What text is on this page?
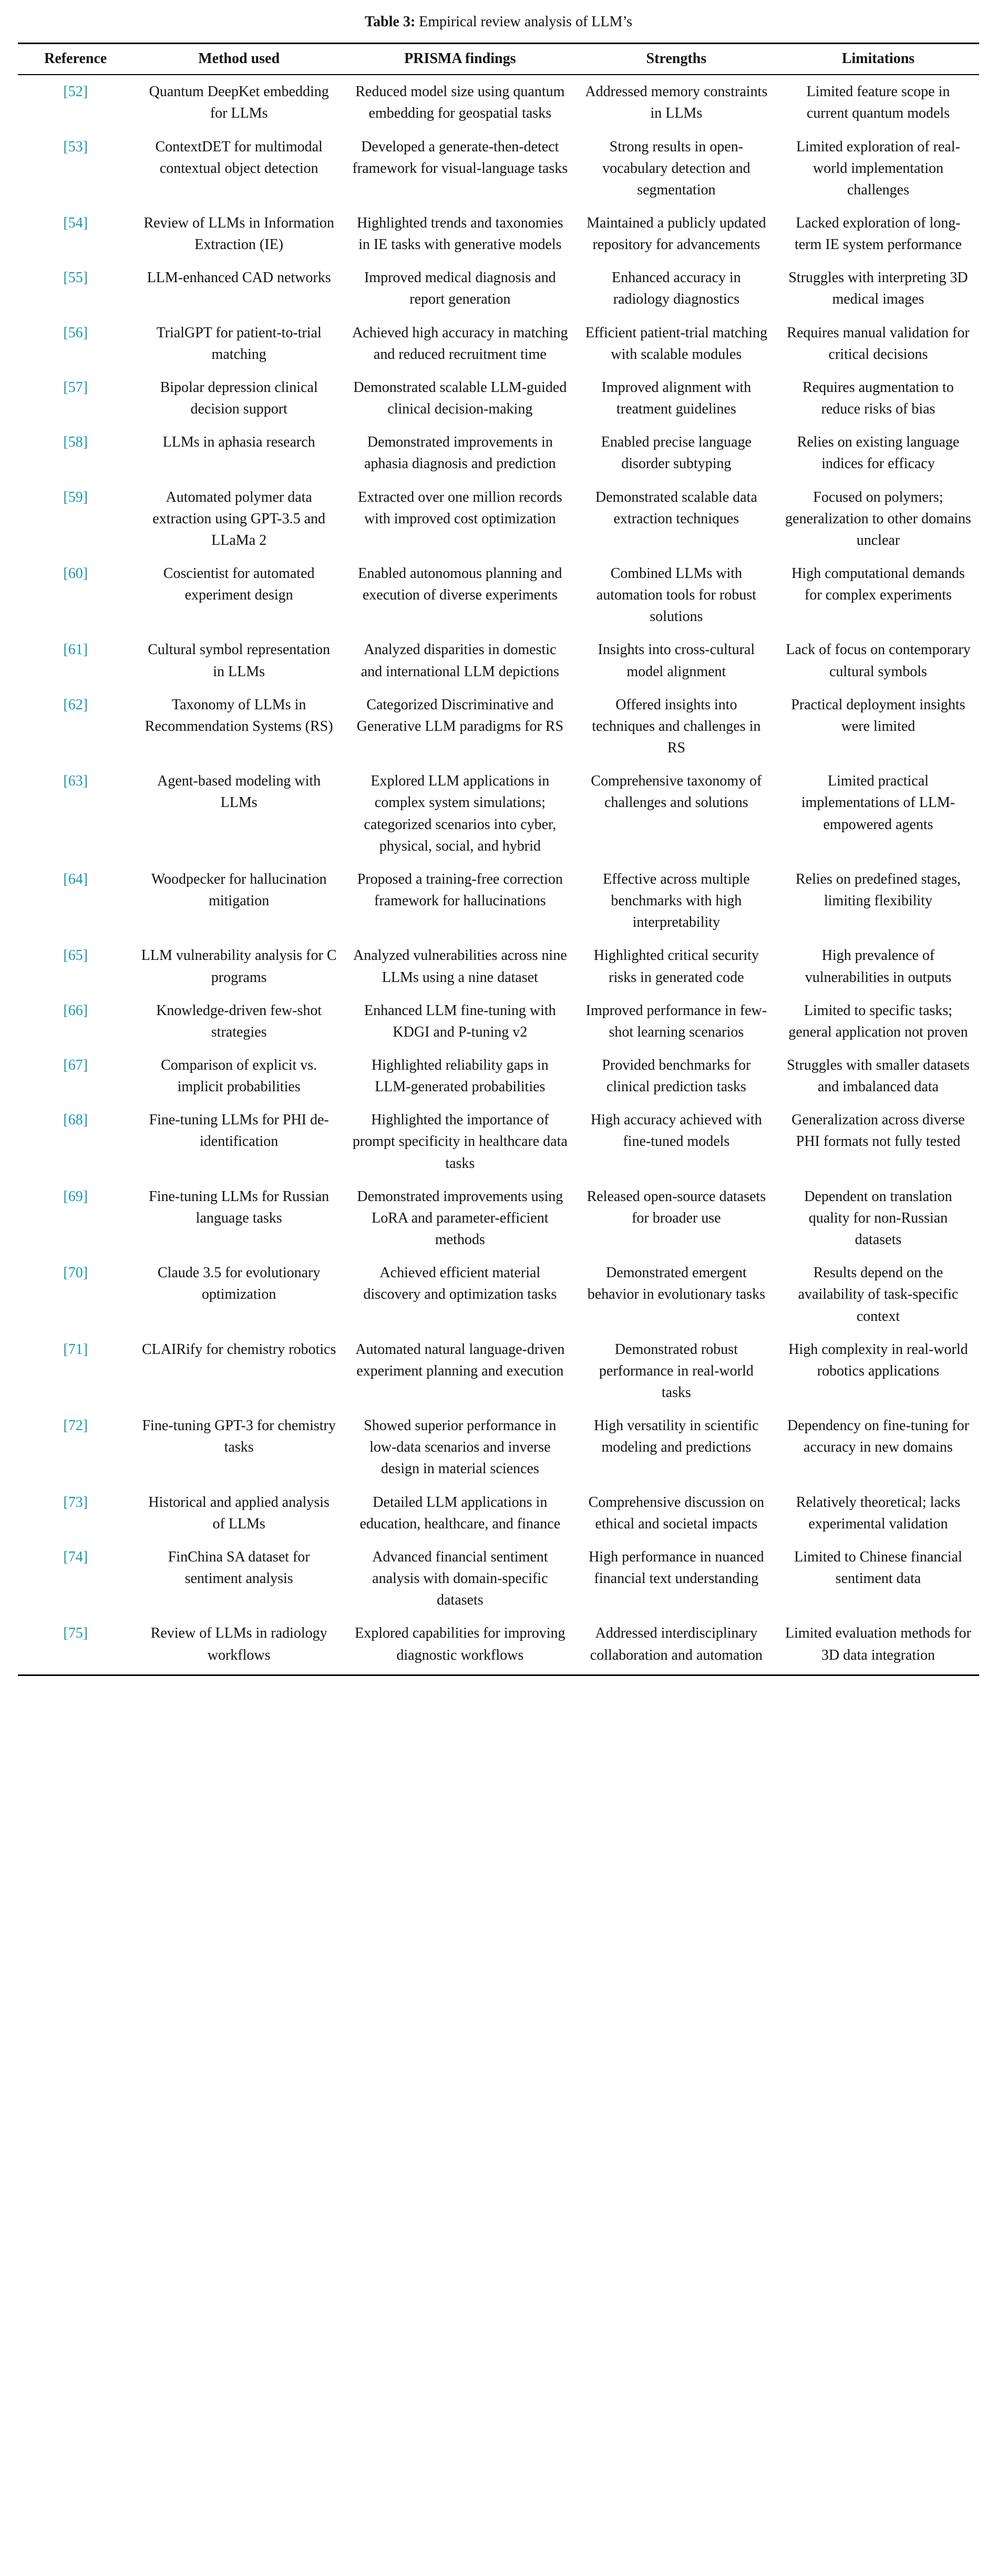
Table 3: Empirical review analysis of LLM’s
Reference	Method used	PRISMA findings	Strengths	Limitations
[52]	Quantum DeepKet embedding for LLMs	Reduced model size using quantum embedding for geospatial tasks	Addressed memory constraints in LLMs	Limited feature scope in current quantum models
[53]	ContextDET for multimodal contextual object detection	Developed a generate-then-detect framework for visual-language tasks	Strong results in open-vocabulary detection and segmentation	Limited exploration of real-world implementation challenges
[54]	Review of LLMs in Information Extraction (IE)	Highlighted trends and taxonomies in IE tasks with generative models	Maintained a publicly updated repository for advancements	Lacked exploration of long-term IE system performance
[55]	LLM-enhanced CAD networks	Improved medical diagnosis and report generation	Enhanced accuracy in radiology diagnostics	Struggles with interpreting 3D medical images
[56]	TrialGPT for patient-to-trial matching	Achieved high accuracy in matching and reduced recruitment time	Efficient patient-trial matching with scalable modules	Requires manual validation for critical decisions
[57]	Bipolar depression clinical decision support	Demonstrated scalable LLM-guided clinical decision-making	Improved alignment with treatment guidelines	Requires augmentation to reduce risks of bias
[58]	LLMs in aphasia research	Demonstrated improvements in aphasia diagnosis and prediction	Enabled precise language disorder subtyping	Relies on existing language indices for efficacy
[59]	Automated polymer data extraction using GPT-3.5 and LLaMa 2	Extracted over one million records with improved cost optimization	Demonstrated scalable data extraction techniques	Focused on polymers; generalization to other domains unclear
[60]	Coscientist for automated experiment design	Enabled autonomous planning and execution of diverse experiments	Combined LLMs with automation tools for robust solutions	High computational demands for complex experiments
[61]	Cultural symbol representation in LLMs	Analyzed disparities in domestic and international LLM depictions	Insights into cross-cultural model alignment	Lack of focus on contemporary cultural symbols
[62]	Taxonomy of LLMs in Recommendation Systems (RS)	Categorized Discriminative and Generative LLM paradigms for RS	Offered insights into techniques and challenges in RS	Practical deployment insights were limited
[63]	Agent-based modeling with LLMs	Explored LLM applications in complex system simulations; categorized scenarios into cyber, physical, social, and hybrid	Comprehensive taxonomy of challenges and solutions	Limited practical implementations of LLM-empowered agents
[64]	Woodpecker for hallucination mitigation	Proposed a training-free correction framework for hallucinations	Effective across multiple benchmarks with high interpretability	Relies on predefined stages, limiting flexibility
[65]	LLM vulnerability analysis for C programs	Analyzed vulnerabilities across nine LLMs using a nine dataset	Highlighted critical security risks in generated code	High prevalence of vulnerabilities in outputs
[66]	Knowledge-driven few-shot strategies	Enhanced LLM fine-tuning with KDGI and P-tuning v2	Improved performance in few-shot learning scenarios	Limited to specific tasks; general application not proven
[67]	Comparison of explicit vs. implicit probabilities	Highlighted reliability gaps in LLM-generated probabilities	Provided benchmarks for clinical prediction tasks	Struggles with smaller datasets and imbalanced data
[68]	Fine-tuning LLMs for PHI de-identification	Highlighted the importance of prompt specificity in healthcare data tasks	High accuracy achieved with fine-tuned models	Generalization across diverse PHI formats not fully tested
[69]	Fine-tuning LLMs for Russian language tasks	Demonstrated improvements using LoRA and parameter-efficient methods	Released open-source datasets for broader use	Dependent on translation quality for non-Russian datasets
[70]	Claude 3.5 for evolutionary optimization	Achieved efficient material discovery and optimization tasks	Demonstrated emergent behavior in evolutionary tasks	Results depend on the availability of task-specific context
[71]	CLAIRify for chemistry robotics	Automated natural language-driven experiment planning and execution	Demonstrated robust performance in real-world tasks	High complexity in real-world robotics applications
[72]	Fine-tuning GPT-3 for chemistry tasks	Showed superior performance in low-data scenarios and inverse design in material sciences	High versatility in scientific modeling and predictions	Dependency on fine-tuning for accuracy in new domains
[73]	Historical and applied analysis of LLMs	Detailed LLM applications in education, healthcare, and finance	Comprehensive discussion on ethical and societal impacts	Relatively theoretical; lacks experimental validation
[74]	FinChina SA dataset for sentiment analysis	Advanced financial sentiment analysis with domain-specific datasets	High performance in nuanced financial text understanding	Limited to Chinese financial sentiment data
[75]	Review of LLMs in radiology workflows	Explored capabilities for improving diagnostic workflows	Addressed interdisciplinary collaboration and automation	Limited evaluation methods for 3D data integration
